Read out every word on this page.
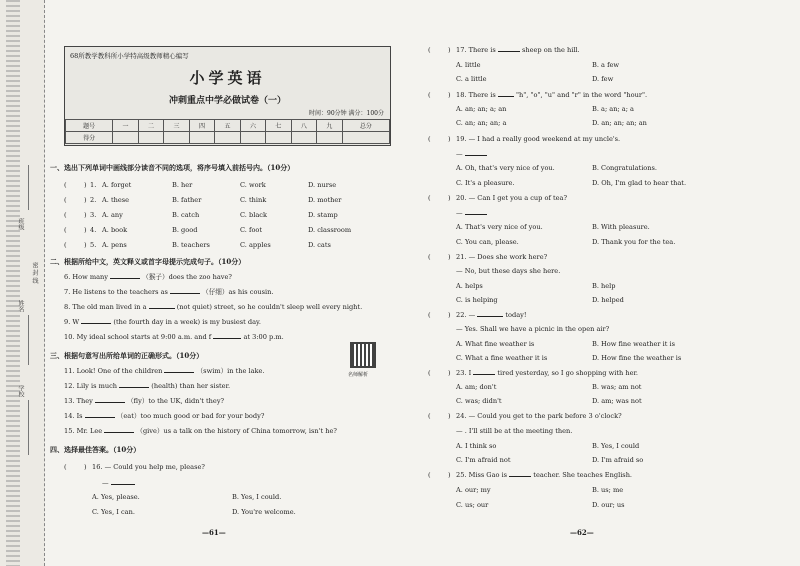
班级
密 封 线
姓名
学校
68所教学教科所小学特高级教师精心编写
小学英语
冲刺重点中学必做试卷（一）
时间：90分钟 满分：100分
题号	一	二	三	四	五	六	七	八	九	总分
得分										
一、选出下列单词中画线部分读音不同的选项，将序号填入前括号内。（10分）
(	) 1. A. forget	B. her	C. work	D. nurse
(	) 2. A. these	B. father	C. think	D. mother
(	) 3. A. any	B. catch	C. black	D. stamp
(	) 4. A. book	B. good	C. foot	D. classroom
(	) 5. A. pens	B. teachers	C. apples	D. cats
二、根据所给中文，英文释义或首字母提示完成句子。（10分）
6. How many	（猴子）does the zoo have?
7. He listens to the teachers as	（仔细）as his cousin.
8. The old man lived in a	(not quiet) street, so he couldn't sleep well every night.
9. W	(the fourth day in a week) is my busiest day.
10. My ideal school starts at 9:00 a.m. and f	at 3:00 p.m.
名师解析
三、根据句意写出所给单词的正确形式。（10分）
11. Look! One of the children	（swim）in the lake.
12. Lily is much	(health) than her sister.
13. They	（fly）to the UK, didn't they?
14. Is	（eat）too much good or bad for your body?
15. Mr. Lee	（give）us a talk on the history of China tomorrow, isn't he?
四、选择最佳答案。（10分）
(	) 16. — Could you help me, please?
—
A. Yes, please.	B. Yes, I could.
C. Yes, I can.	D. You're welcome.
—61—
(	) 17. There is	sheep on the hill.
A. little	B. a few
C. a little	D. few
(	) 18. There is	"h", "o", "u" and "r" in the word "hour".
A. an; an; a; an	B. a; an; a; a
C. an; an; an; a	D. an; an; an; an
(	) 19. — I had a really good weekend at my uncle's.
—
A. Oh, that's very nice of you.	B. Congratulations.
C. It's a pleasure.	D. Oh, I'm glad to hear that.
(	) 20. — Can I get you a cup of tea?
—
A. That's very nice of you.	B. With pleasure.
C. You can, please.	D. Thank you for the tea.
(	) 21. — Does she work here?
— No, but these days she here.
A. helps	B. help
C. is helping	D. helped
(	) 22. —	today!
— Yes. Shall we have a picnic in the open air?
A. What fine weather is	B. How fine weather it is
C. What a fine weather it is	D. How fine the weather is
(	) 23. I	tired yesterday, so I go shopping with her.
A. am; don't	B. was; am not
C. was; didn't	D. am; was not
(	) 24. — Could you get to the park before 3 o'clock?
— . I'll still be at the meeting then.
A. I think so	B. Yes, I could
C. I'm afraid not	D. I'm afraid so
(	) 25. Miss Gao is	teacher. She teaches English.
A. our; my	B. us; me
C. us; our	D. our; us
—62—
